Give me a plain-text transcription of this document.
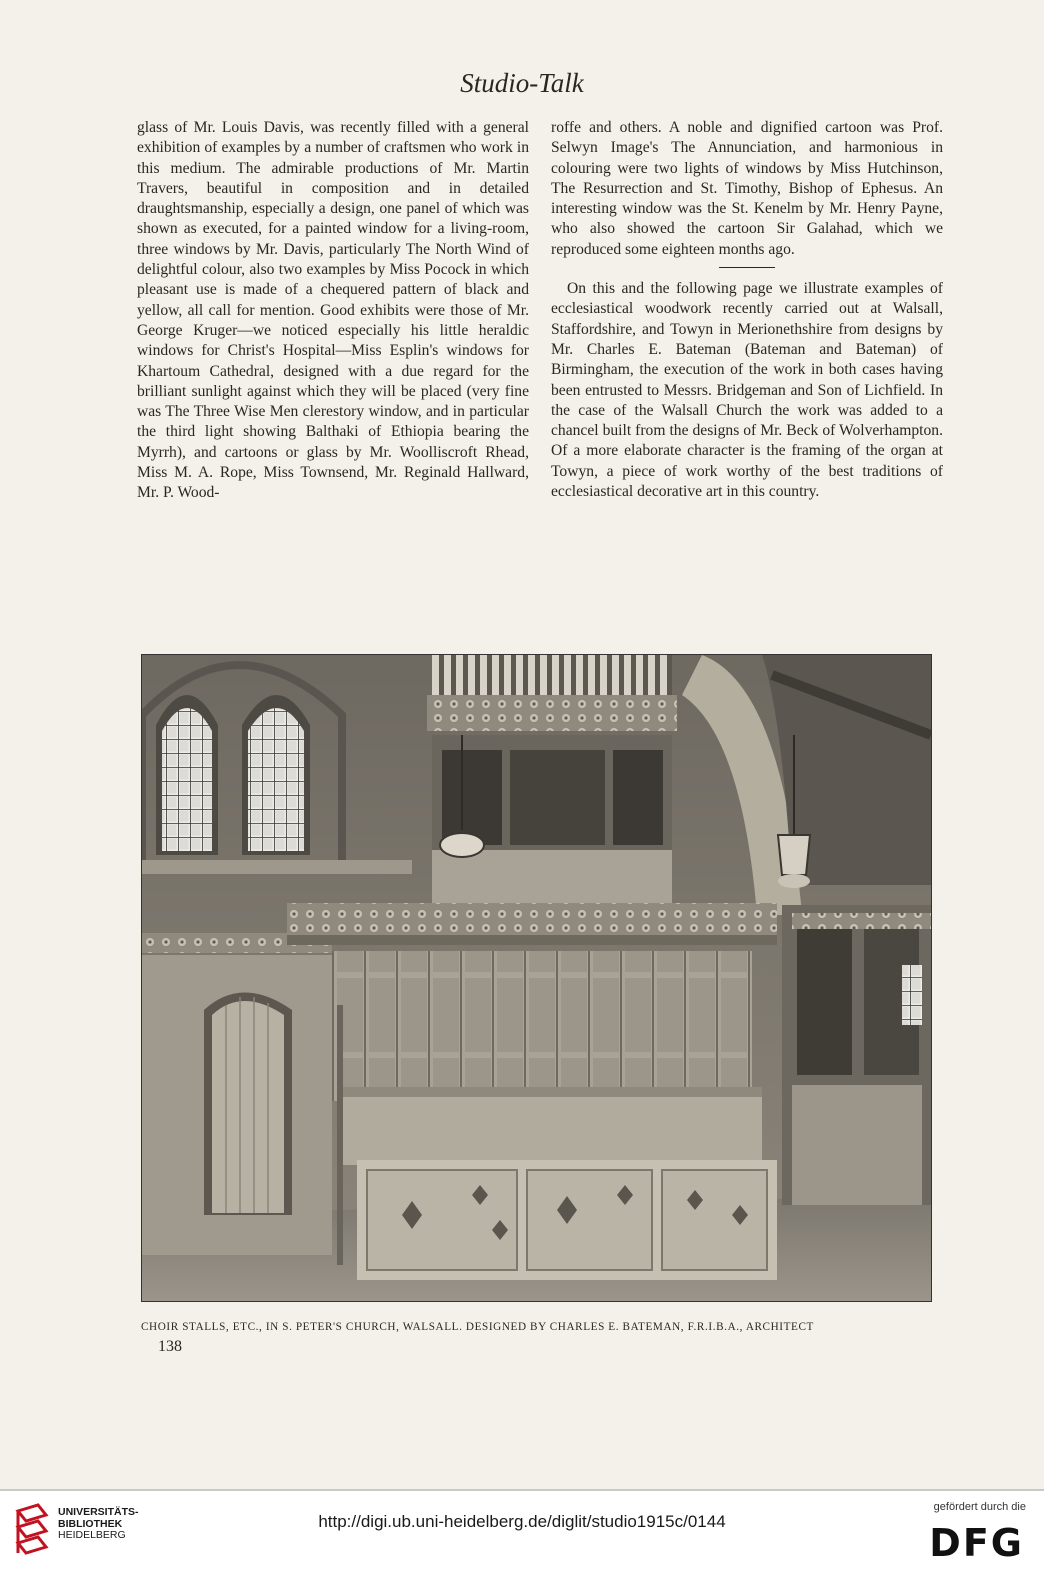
Studio-Talk

glass of Mr. Louis Davis, was recently filled with a general exhibition of examples by a number of craftsmen who work in this medium. The admirable productions of Mr. Martin Travers, beautiful in composition and in detailed draughtsmanship, especially a design, one panel of which was shown as executed, for a painted window for a living-room, three windows by Mr. Davis, particularly The North Wind of delightful colour, also two examples by Miss Pocock in which pleasant use is made of a chequered pattern of black and yellow, all call for mention. Good exhibits were those of Mr. George Kruger—we noticed especially his little heraldic windows for Christ's Hospital—Miss Esplin's windows for Khartoum Cathedral, designed with a due regard for the brilliant sunlight against which they will be placed (very fine was The Three Wise Men clerestory window, and in particular the third light showing Balthaki of Ethiopia bearing the Myrrh), and cartoons or glass by Mr. Woolliscroft Rhead, Miss M. A. Rope, Miss Townsend, Mr. Reginald Hallward, Mr. P. Wood-

roffe and others. A noble and dignified cartoon was Prof. Selwyn Image's The Annunciation, and harmonious in colouring were two lights of windows by Miss Hutchinson, The Resurrection and St. Timothy, Bishop of Ephesus. An interesting window was the St. Kenelm by Mr. Henry Payne, who also showed the cartoon Sir Galahad, which we reproduced some eighteen months ago.

On this and the following page we illustrate examples of ecclesiastical woodwork recently carried out at Walsall, Staffordshire, and Towyn in Merionethshire from designs by Mr. Charles E. Bateman (Bateman and Bateman) of Birmingham, the execution of the work in both cases having been entrusted to Messrs. Bridgeman and Son of Lichfield. In the case of the Walsall Church the work was added to a chancel built from the designs of Mr. Beck of Wolverhampton. Of a more elaborate character is the framing of the organ at Towyn, a piece of work worthy of the best traditions of ecclesiastical decorative art in this country.

CHOIR STALLS, ETC., IN S. PETER'S CHURCH, WALSALL. DESIGNED BY CHARLES E. BATEMAN, F.R.I.B.A., ARCHITECT
138
UNIVERSITÄTS-
BIBLIOTHEK
HEIDELBERG
http://digi.ub.uni-heidelberg.de/diglit/studio1915c/0144
gefördert durch die
DFG
